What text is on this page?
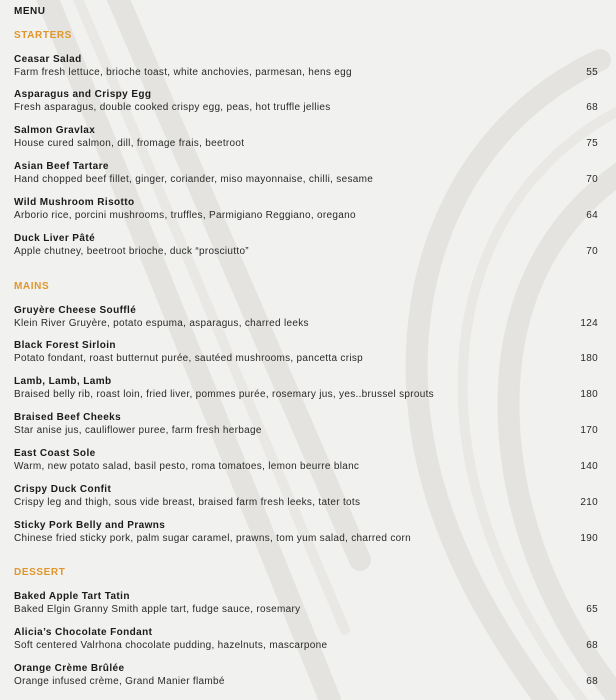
MENU
STARTERS
Ceasar Salad
Farm fresh lettuce, brioche toast, white anchovies, parmesan, hens egg	55
Asparagus and Crispy Egg
Fresh asparagus, double cooked crispy egg, peas, hot truffle jellies	68
Salmon Gravlax
House cured salmon, dill, fromage frais, beetroot	75
Asian Beef Tartare
Hand chopped beef fillet, ginger, coriander, miso mayonnaise, chilli, sesame	70
Wild Mushroom Risotto
Arborio rice, porcini mushrooms, truffles, Parmigiano Reggiano, oregano	64
Duck Liver Pâté
Apple chutney, beetroot brioche, duck “prosciutto”	70
MAINS
Gruyère Cheese Soufflé
Klein River Gruyère, potato espuma, asparagus, charred leeks	124
Black Forest Sirloin
Potato fondant, roast butternut purée, sautéed mushrooms, pancetta crisp	180
Lamb, Lamb, Lamb
Braised belly rib, roast loin, fried liver, pommes purée, rosemary jus, yes..brussel sprouts	180
Braised Beef Cheeks
Star anise jus, cauliflower puree, farm fresh herbage	170
East Coast Sole
Warm, new potato salad, basil pesto, roma tomatoes, lemon beurre blanc	140
Crispy Duck Confit
Crispy leg and thigh, sous vide breast, braised farm fresh leeks, tater tots	210
Sticky Pork Belly and Prawns
Chinese fried sticky pork, palm sugar caramel, prawns, tom yum salad, charred corn	190
DESSERT
Baked Apple Tart Tatin
Baked Elgin Granny Smith apple tart, fudge sauce, rosemary	65
Alicia’s Chocolate Fondant
Soft centered Valrhona chocolate pudding, hazelnuts, mascarpone	68
Orange Crème Brûlée
Orange infused crème, Grand Manier flambé	68
